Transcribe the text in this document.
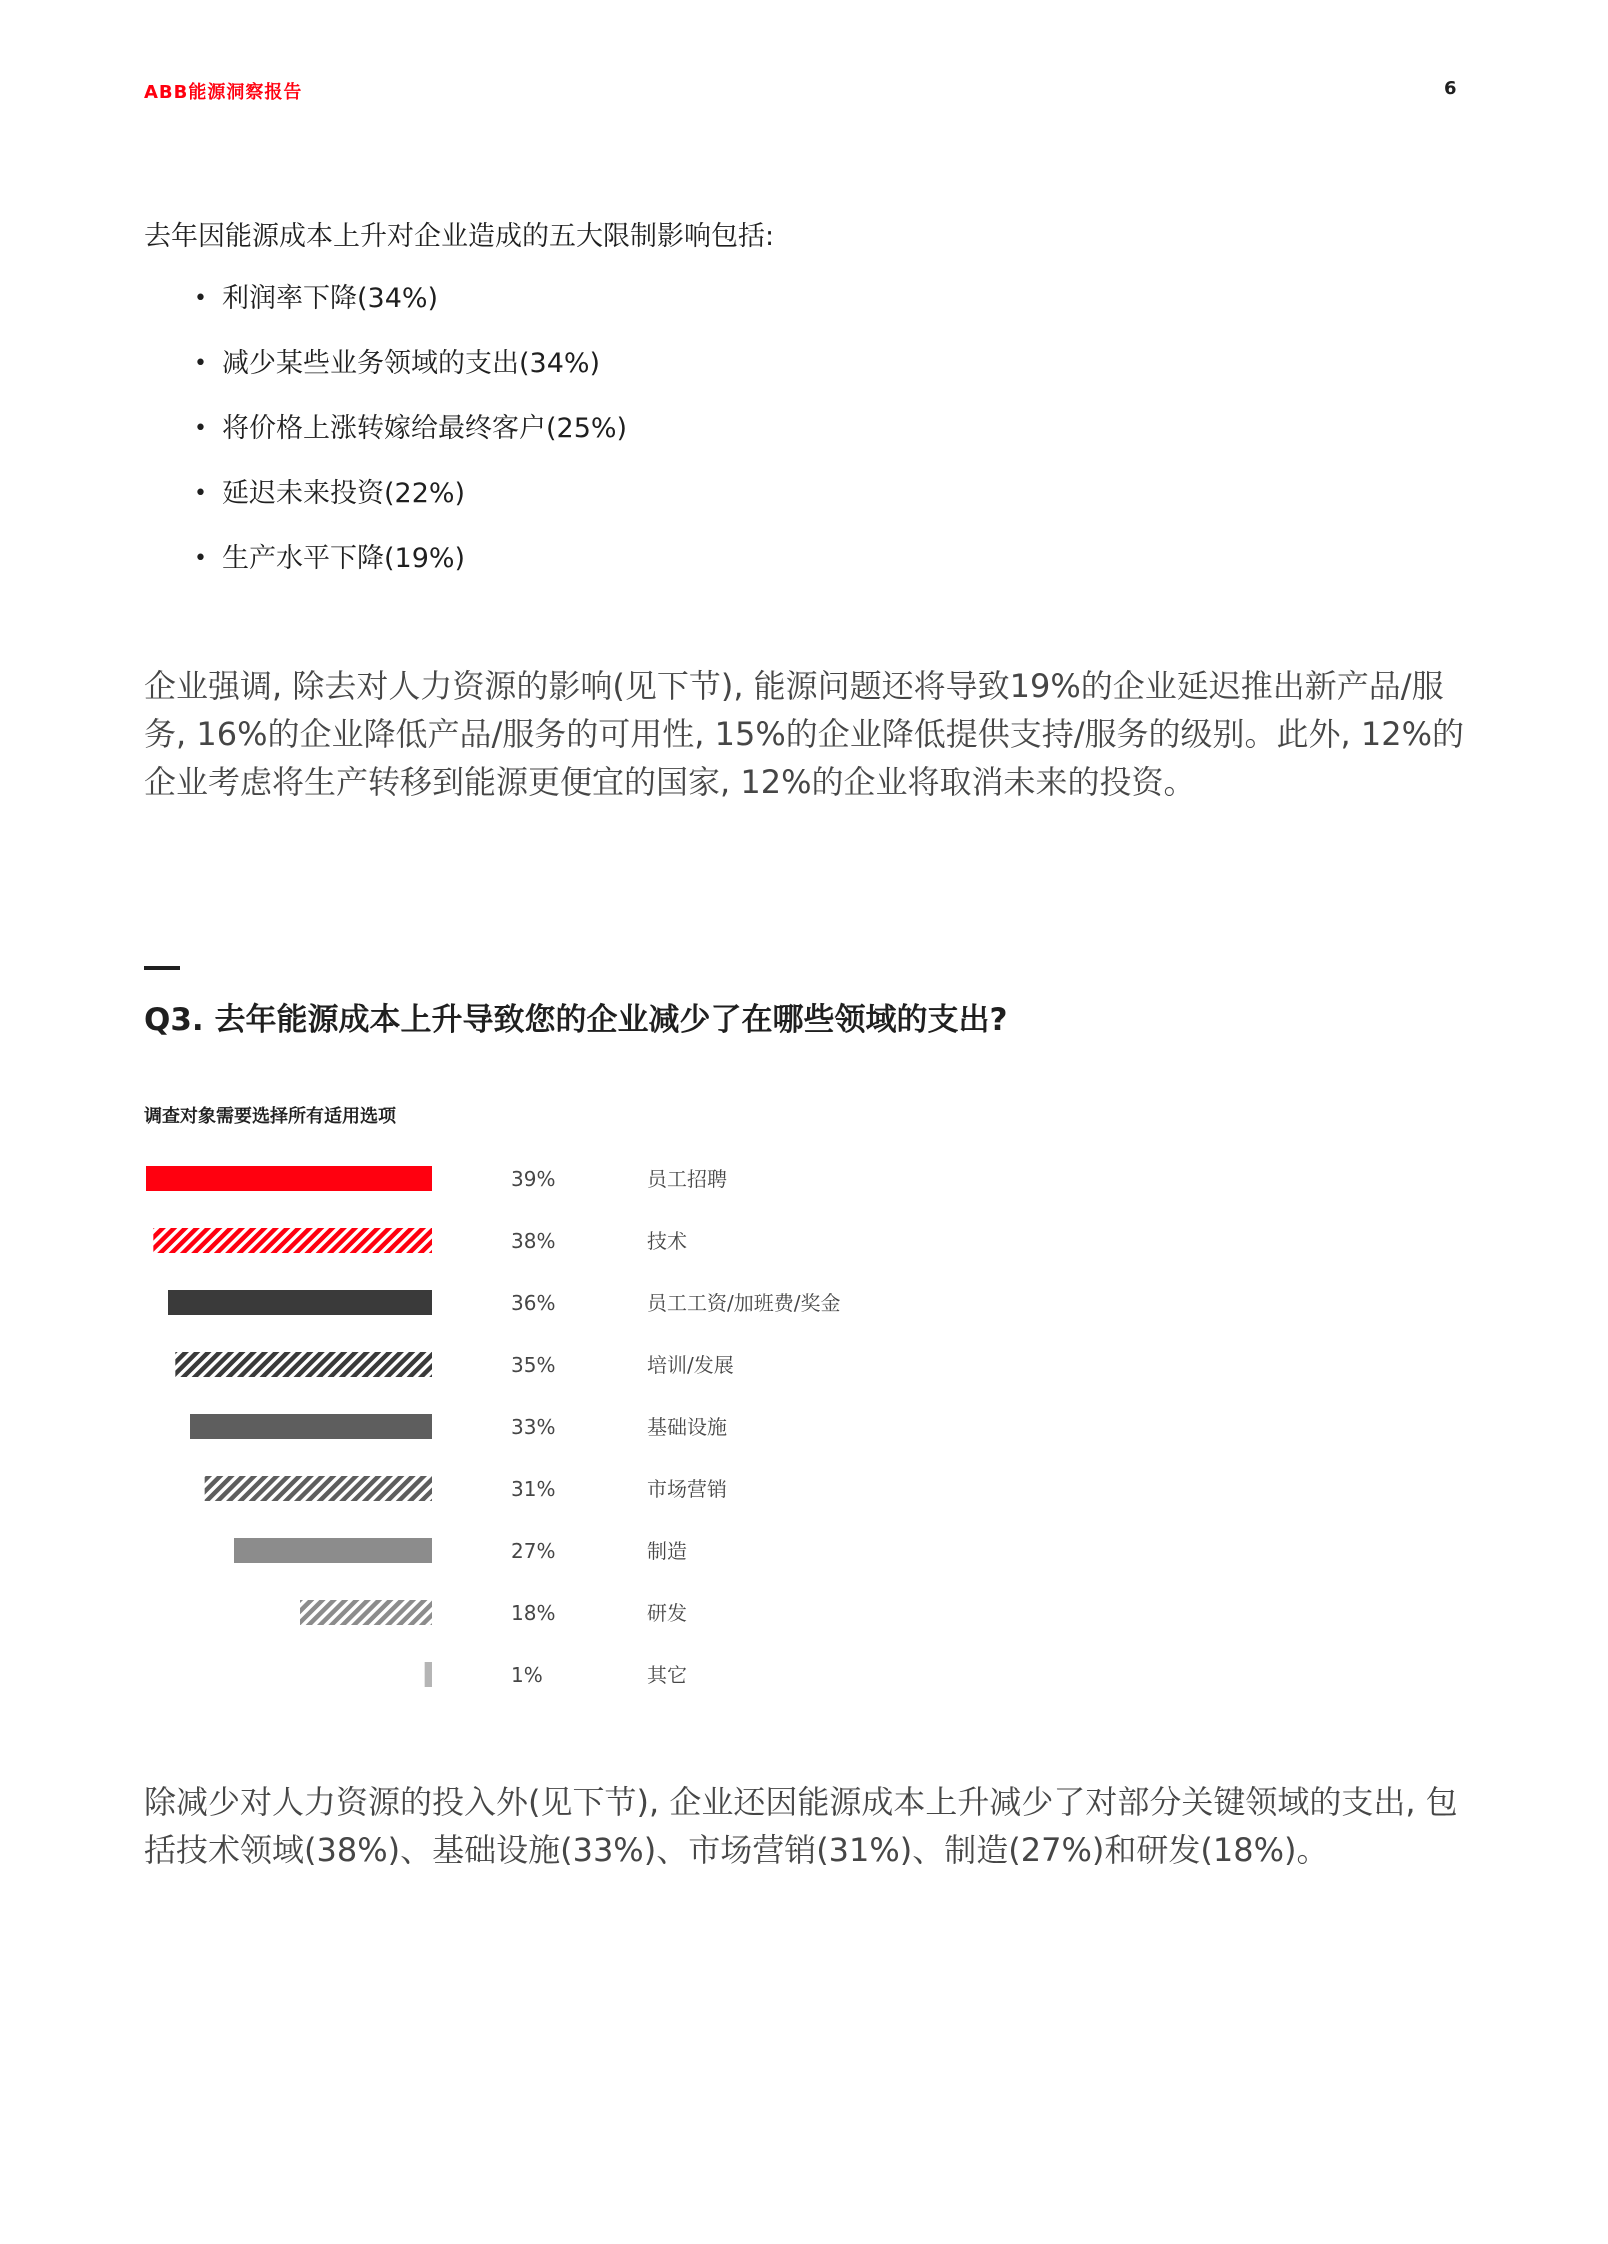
ABB能源洞察报告	6
去年因能源成本上升对企业造成的五大限制影响包括:
• 利润率下降(34%)
• 减少某些业务领域的支出(34%)
• 将价格上涨转嫁给最终客户(25%)
• 延迟未来投资(22%)
• 生产水平下降(19%)
企业强调, 除去对人力资源的影响(见下节), 能源问题还将导致19%的企业延迟推出新产品/服务, 16%的企业降低产品/服务的可用性, 15%的企业降低提供支持/服务的级别。此外, 12%的企业考虑将生产转移到能源更便宜的国家, 12%的企业将取消未来的投资。
Q3. 去年能源成本上升导致您的企业减少了在哪些领域的支出?
调查对象需要选择所有适用选项
39%	员工招聘
38%	技术
36%	员工工资/加班费/奖金
35%	培训/发展
33%	基础设施
31%	市场营销
27%	制造
18%	研发
1%	其它
除减少对人力资源的投入外(见下节), 企业还因能源成本上升减少了对部分关键领域的支出, 包括技术领域(38%)、基础设施(33%)、市场营销(31%)、制造(27%)和研发(18%)。
